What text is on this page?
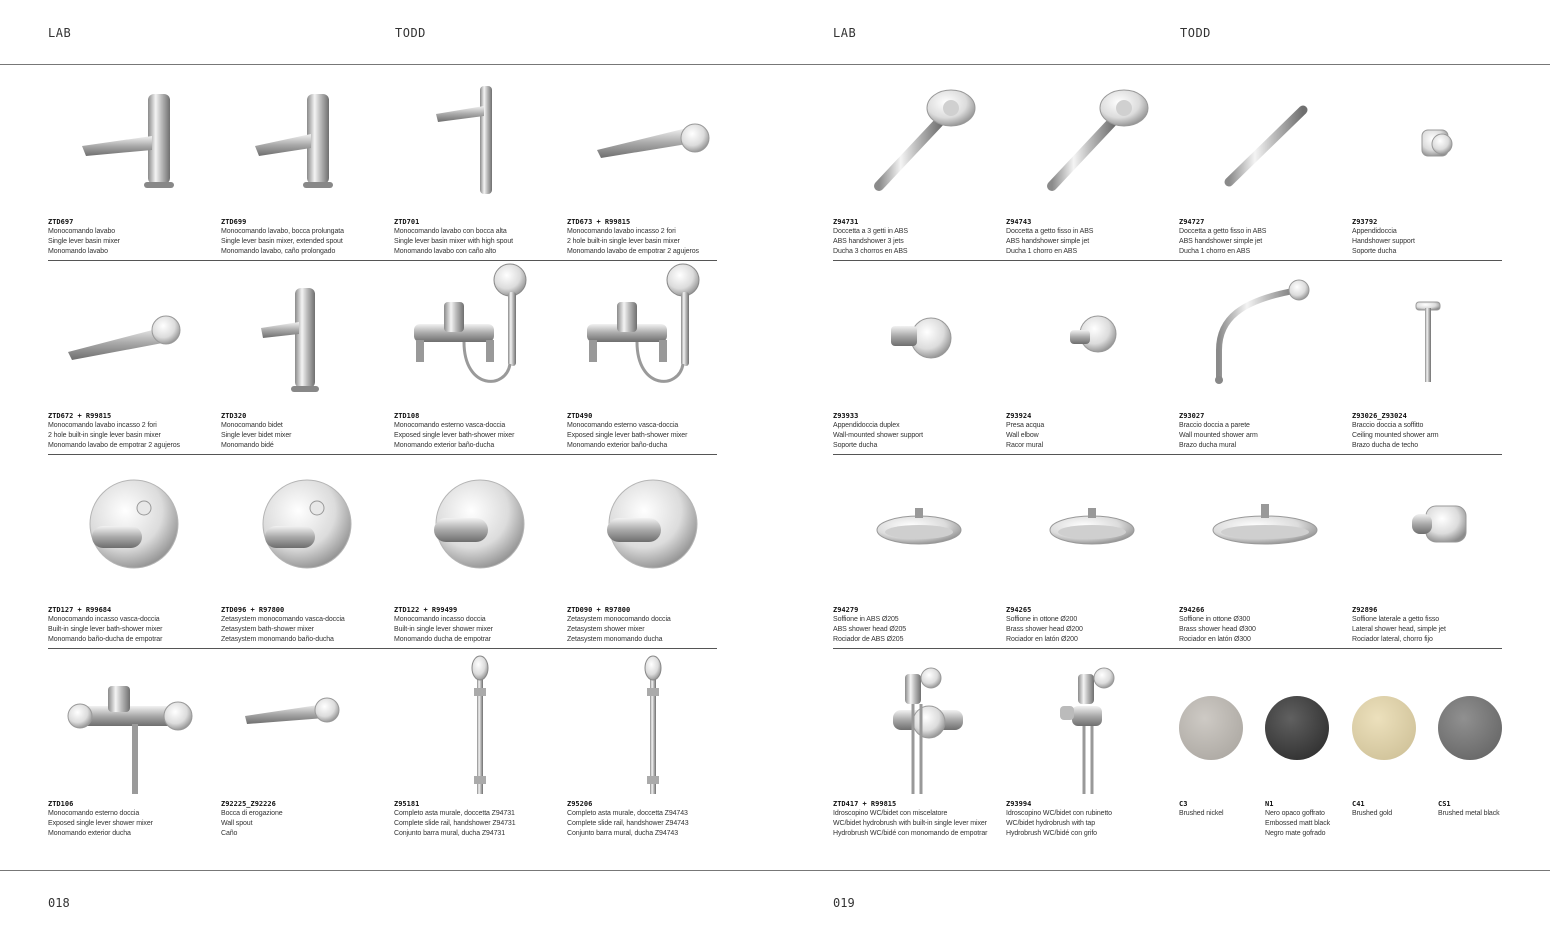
LAB	TODD	LAB	TODD
018	019
ZTD697
Monocomando lavabo
Single lever basin mixer
Monomando lavabo
ZTD699
Monocomando lavabo, bocca prolungata
Single lever basin mixer, extended spout
Monomando lavabo, caño prolongado
ZTD701
Monocomando lavabo con bocca alta
Single lever basin mixer with high spout
Monomando lavabo con caño alto
ZTD673 + R99815
Monocomando lavabo incasso 2 fori
2 hole built-in single lever basin mixer
Monomando lavabo de empotrar 2 agujeros
ZTD672 + R99815
Monocomando lavabo incasso 2 fori
2 hole built-in single lever basin mixer
Monomando lavabo de empotrar 2 agujeros
ZTD320
Monocomando bidet
Single lever bidet mixer
Monomando bidé
ZTD108
Monocomando esterno vasca-doccia
Exposed single lever bath-shower mixer
Monomando exterior baño-ducha
ZTD490
Monocomando esterno vasca-doccia
Exposed single lever bath-shower mixer
Monomando exterior baño-ducha
ZTD127 + R99684
Monocomando incasso vasca-doccia
Built-in single lever bath-shower mixer
Monomando baño-ducha de empotrar
ZTD096 + R97800
Zetasystem monocomando vasca-doccia
Zetasystem bath-shower mixer
Zetasystem monomando baño-ducha
ZTD122 + R99499
Monocomando incasso doccia
Built-in single lever shower mixer
Monomando ducha de empotrar
ZTD090 + R97800
Zetasystem monocomando doccia
Zetasystem shower mixer
Zetasystem monomando ducha
ZTD106
Monocomando esterno doccia
Exposed single lever shower mixer
Monomando exterior ducha
Z92225_Z92226
Bocca di erogazione
Wall spout
Caño
Z95181
Completo asta murale, doccetta Z94731
Complete slide rail, handshower Z94731
Conjunto barra mural, ducha Z94731
Z95206
Completo asta murale, doccetta Z94743
Complete slide rail, handshower Z94743
Conjunto barra mural, ducha Z94743
Z94731
Doccetta a 3 getti in ABS
ABS handshower 3 jets
Ducha 3 chorros en ABS
Z94743
Doccetta a getto fisso in ABS
ABS handshower simple jet
Ducha 1 chorro en ABS
Z94727
Doccetta a getto fisso in ABS
ABS handshower simple jet
Ducha 1 chorro en ABS
Z93792
Appendidoccia
Handshower support
Soporte ducha
Z93933
Appendidoccia duplex
Wall-mounted shower support
Soporte ducha
Z93924
Presa acqua
Wall elbow
Racor mural
Z93027
Braccio doccia a parete
Wall mounted shower arm
Brazo ducha mural
Z93026_Z93024
Braccio doccia a soffitto
Ceiling mounted shower arm
Brazo ducha de techo
Z94279
Soffione in ABS Ø205
ABS shower head Ø205
Rociador de ABS Ø205
Z94265
Soffione in ottone Ø200
Brass shower head Ø200
Rociador en latón Ø200
Z94266
Soffione in ottone Ø300
Brass shower head Ø300
Rociador en latón Ø300
Z92896
Soffione laterale a getto fisso
Lateral shower head, simple jet
Rociador lateral, chorro fijo
ZTD417 + R99815
Idroscopino WC/bidet con miscelatore
WC/bidet hydrobrush with built-in single lever mixer
Hydrobrush WC/bidé con monomando de empotrar
Z93994
Idroscopino WC/bidet con rubinetto
WC/bidet hydrobrush with tap
Hydrobrush WC/bidé con grifo
C3
Brushed nickel
N1
Nero opaco goffrato
Embossed matt black
Negro mate gofrado
C41
Brushed gold
CS1
Brushed metal black
